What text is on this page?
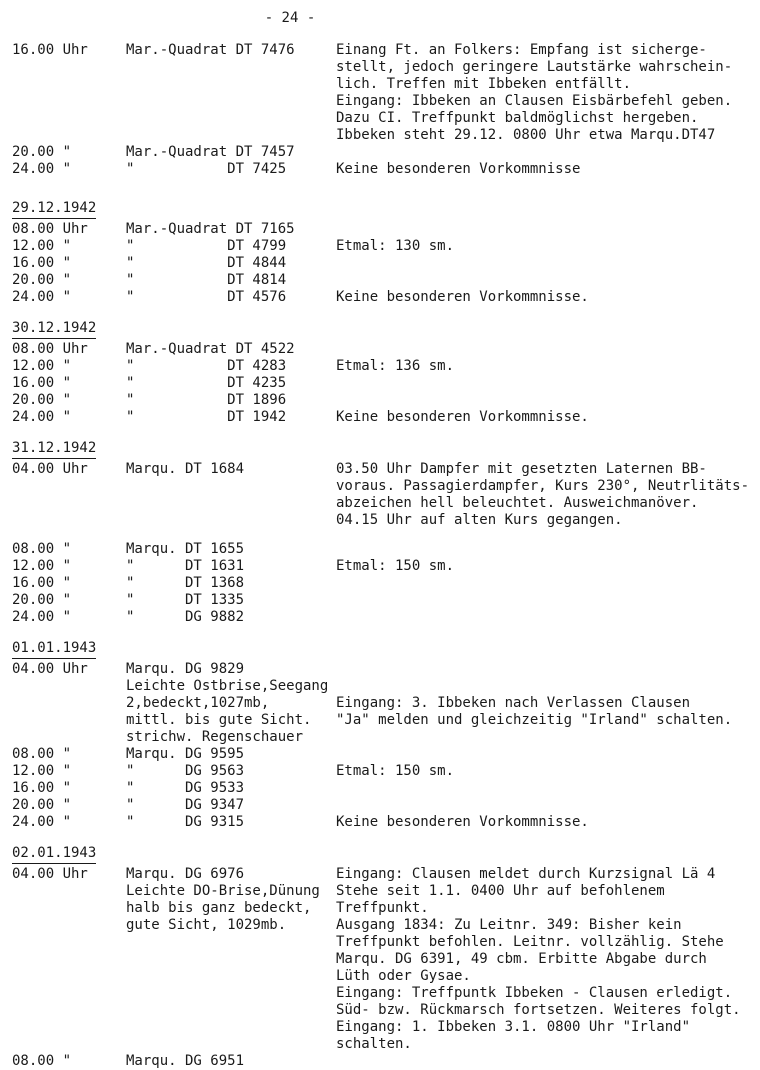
- 24 -
16.00 Uhr	Mar.-Quadrat DT 7476	Einang Ft. an Folkers: Empfang ist sicherge-
stellt, jedoch geringere Lautstärke wahrschein-
lich. Treffen mit Ibbeken entfällt.
Eingang: Ibbeken an Clausen Eisbärbefehl geben.
Dazu CI. Treffpunkt baldmöglichst hergeben.
Ibbeken steht 29.12. 0800 Uhr etwa Marqu.DT47
20.00 "	Mar.-Quadrat DT 7457
24.00 "	"           DT 7425	Keine besonderen Vorkommnisse
29.12.1942
08.00 Uhr	Mar.-Quadrat DT 7165
12.00 "	"           DT 4799	Etmal: 130 sm.
16.00 "	"           DT 4844
20.00 "	"           DT 4814
24.00 "	"           DT 4576	Keine besonderen Vorkommnisse.
30.12.1942
08.00 Uhr	Mar.-Quadrat DT 4522
12.00 "	"           DT 4283	Etmal: 136 sm.
16.00 "	"           DT 4235
20.00 "	"           DT 1896
24.00 "	"           DT 1942	Keine besonderen Vorkommnisse.
31.12.1942
04.00 Uhr	Marqu. DT 1684	03.50 Uhr Dampfer mit gesetzten Laternen BB-
voraus. Passagierdampfer, Kurs 230°, Neutrlitäts-
abzeichen hell beleuchtet. Ausweichmanöver.
04.15 Uhr auf alten Kurs gegangen.
08.00 "	Marqu. DT 1655
12.00 "	"      DT 1631	Etmal: 150 sm.
16.00 "	"      DT 1368
20.00 "	"      DT 1335
24.00 "	"      DG 9882
01.01.1943
04.00 Uhr	Marqu. DG 9829
Leichte Ostbrise,Seegang
2,bedeckt,1027mb,
mittl. bis gute Sicht.
strichw. Regenschauer

Eingang: 3. Ibbeken nach Verlassen Clausen
"Ja" melden und gleichzeitig "Irland" schalten.
08.00 "	Marqu. DG 9595
12.00 "	"      DG 9563	Etmal: 150 sm.
16.00 "	"      DG 9533
20.00 "	"      DG 9347
24.00 "	"      DG 9315	Keine besonderen Vorkommnisse.
02.01.1943
04.00 Uhr	Marqu. DG 6976
Leichte DO-Brise,Dünung
halb bis ganz bedeckt,
gute Sicht, 1029mb.
Eingang: Clausen meldet durch Kurzsignal Lä 4
Stehe seit 1.1. 0400 Uhr auf befohlenem
Treffpunkt.
Ausgang 1834: Zu Leitnr. 349: Bisher kein
Treffpunkt befohlen. Leitnr. vollzählig. Stehe
Marqu. DG 6391, 49 cbm. Erbitte Abgabe durch
Lüth oder Gysae.
Eingang: Treffpuntk Ibbeken - Clausen erledigt.
Süd- bzw. Rückmarsch fortsetzen. Weiteres folgt.
Eingang: 1. Ibbeken 3.1. 0800 Uhr "Irland"
schalten.
08.00 "	Marqu. DG 6951
